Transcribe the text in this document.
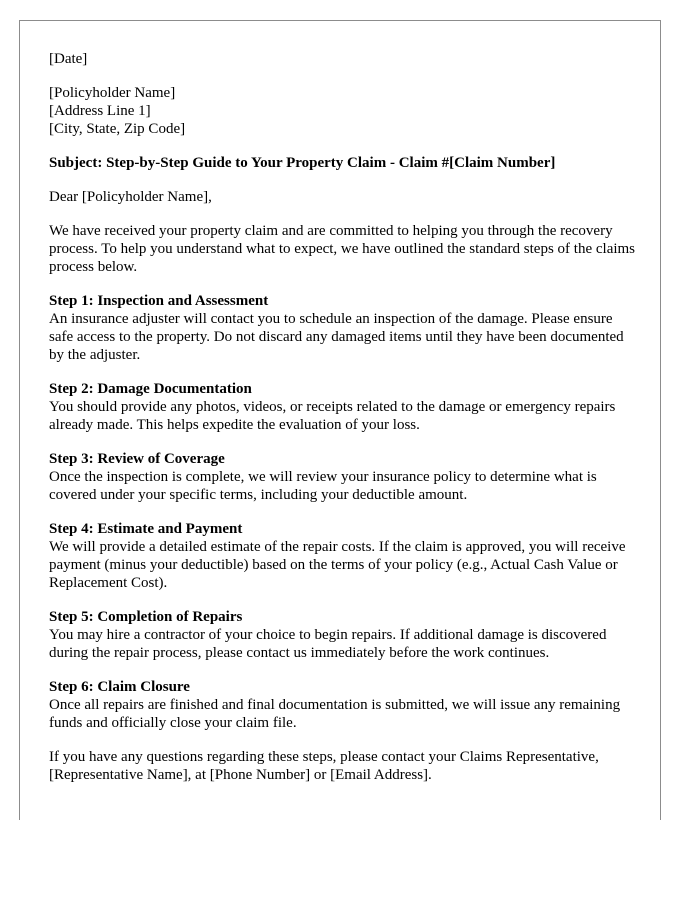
[Date]

[Policyholder Name]
[Address Line 1]
[City, State, Zip Code]

Subject: Step-by-Step Guide to Your Property Claim - Claim #[Claim Number]

Dear [Policyholder Name],

We have received your property claim and are committed to helping you through the recovery process. To help you understand what to expect, we have outlined the standard steps of the claims process below.

Step 1: Inspection and Assessment
An insurance adjuster will contact you to schedule an inspection of the damage. Please ensure safe access to the property. Do not discard any damaged items until they have been documented by the adjuster.
Step 2: Damage Documentation
You should provide any photos, videos, or receipts related to the damage or emergency repairs already made. This helps expedite the evaluation of your loss.
Step 3: Review of Coverage
Once the inspection is complete, we will review your insurance policy to determine what is covered under your specific terms, including your deductible amount.
Step 4: Estimate and Payment
We will provide a detailed estimate of the repair costs. If the claim is approved, you will receive payment (minus your deductible) based on the terms of your policy (e.g., Actual Cash Value or Replacement Cost).
Step 5: Completion of Repairs
You may hire a contractor of your choice to begin repairs. If additional damage is discovered during the repair process, please contact us immediately before the work continues.
Step 6: Claim Closure
Once all repairs are finished and final documentation is submitted, we will issue any remaining funds and officially close your claim file.

If you have any questions regarding these steps, please contact your Claims Representative, [Representative Name], at [Phone Number] or [Email Address].
